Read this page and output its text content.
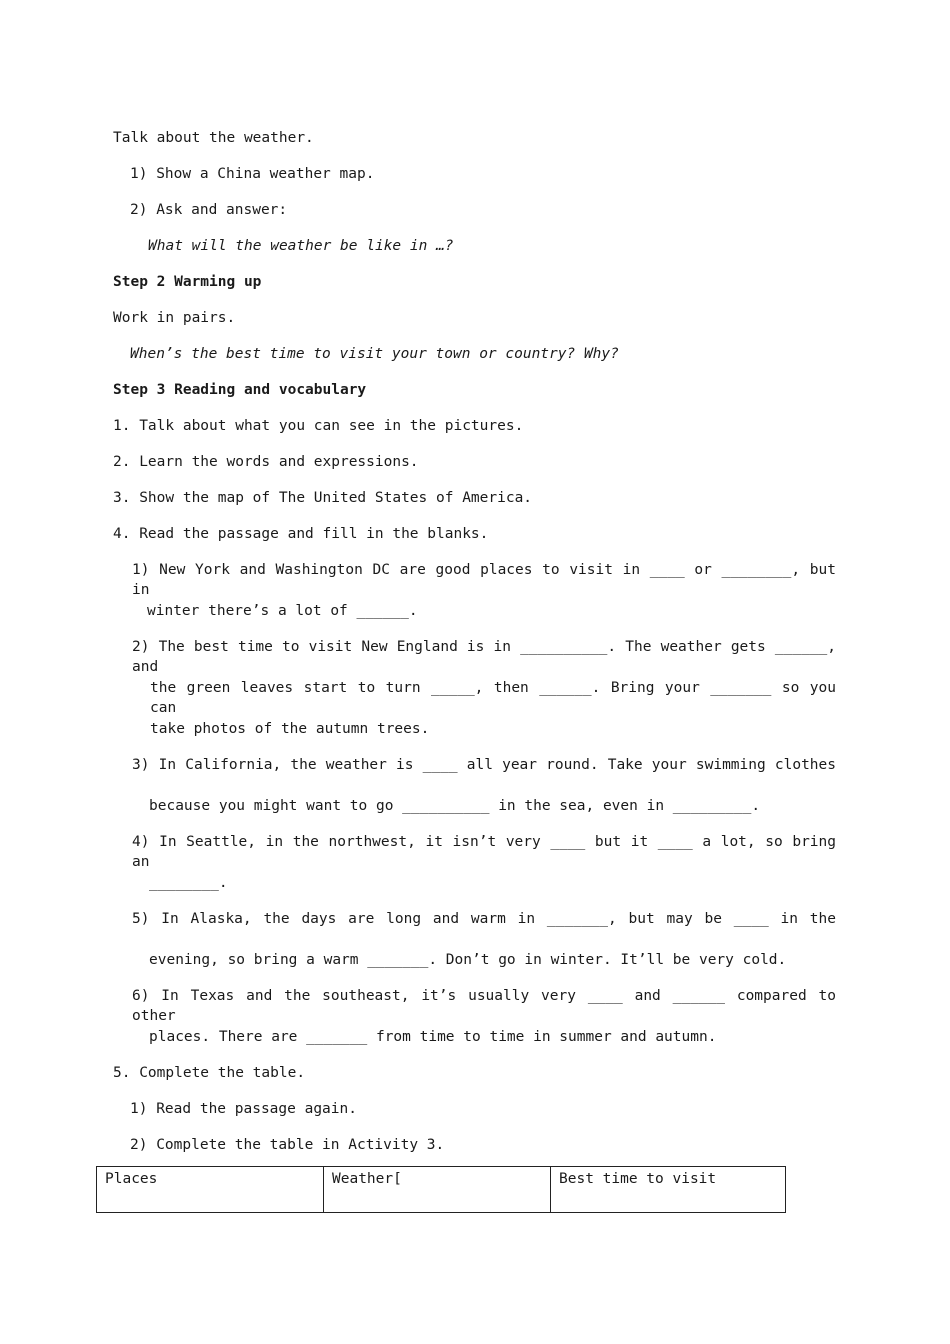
Talk about the weather.
1) Show a China weather map.
2) Ask and answer:
What will the weather be like in …?
Step 2 Warming up
Work in pairs.
When’s the best time to visit your town or country? Why?
Step 3 Reading and vocabulary
1. Talk about what you can see in the pictures.
2. Learn the words and expressions.
3. Show the map of The United States of America.
4. Read the passage and fill in the blanks.
1) New York and Washington DC are good places to visit in ____ or ________, but in
winter there’s a lot of ______.
2) The best time to visit New England is in __________. The weather gets ______, and
the green leaves start to turn _____, then ______. Bring your _______ so you can
take photos of the autumn trees.
3) In California, the weather is ____ all year round. Take your swimming clothes
because you might want to go __________ in the sea, even in _________.
4) In Seattle, in the northwest, it isn’t very ____ but it ____ a lot, so bring an
________.
5) In Alaska, the days are long and warm in _______, but may be ____ in the
evening, so bring a warm _______. Don’t go in winter. It’ll be very cold.
6) In Texas and the southeast, it’s usually very ____ and ______ compared to other
places. There are _______ from time to time in summer and autumn.
5. Complete the table.
1) Read the passage again.
2) Complete the table in Activity 3.
Places	Weather[	Best time to visit
